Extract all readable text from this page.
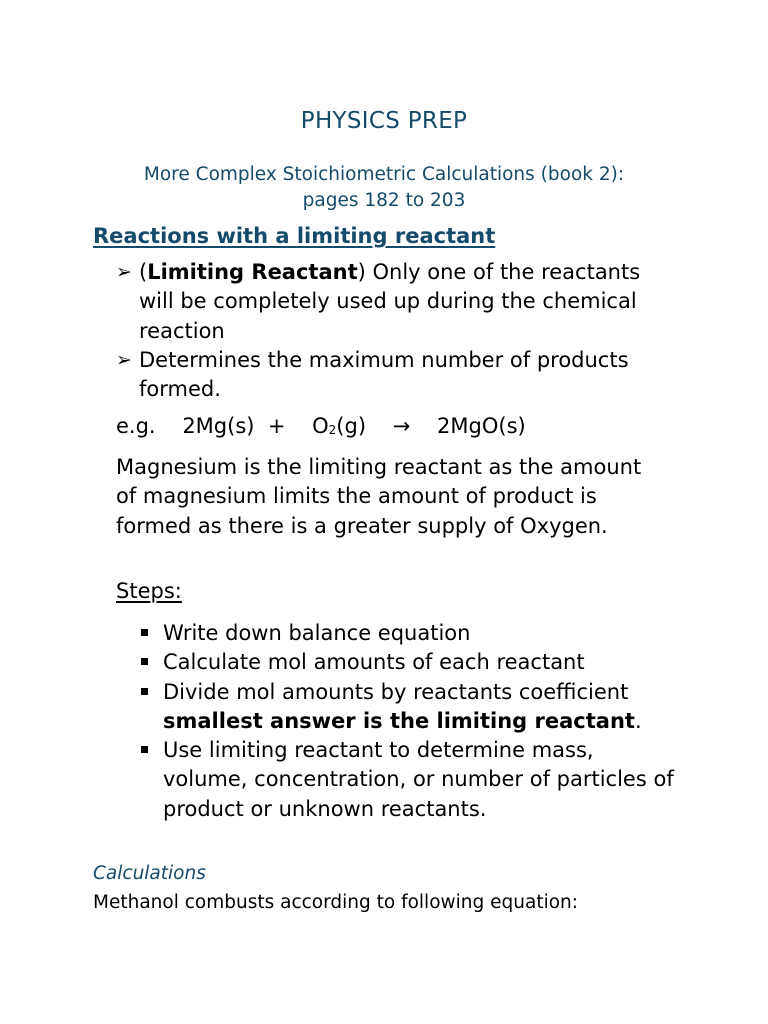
PHYSICS PREP
More Complex Stoichiometric Calculations (book 2):
pages 182 to 203
Reactions with a limiting reactant
➢ (Limiting Reactant) Only one of the reactants will be completely used up during the chemical reaction
➢ Determines the maximum number of products formed.
e.g. $2Mg(s) + O_2(g) \to 2MgO(s)$

Magnesium is the limiting reactant as the amount of magnesium limits the amount of product is formed as there is a greater supply of Oxygen.

Steps:
Write down balance equation
Calculate mol amounts of each reactant
Divide mol amounts by reactants coefficient smallest answer is the limiting reactant.
Use limiting reactant to determine mass, volume, concentration, or number of particles of product or unknown reactants.
Calculations
Methanol combusts according to following equation:
